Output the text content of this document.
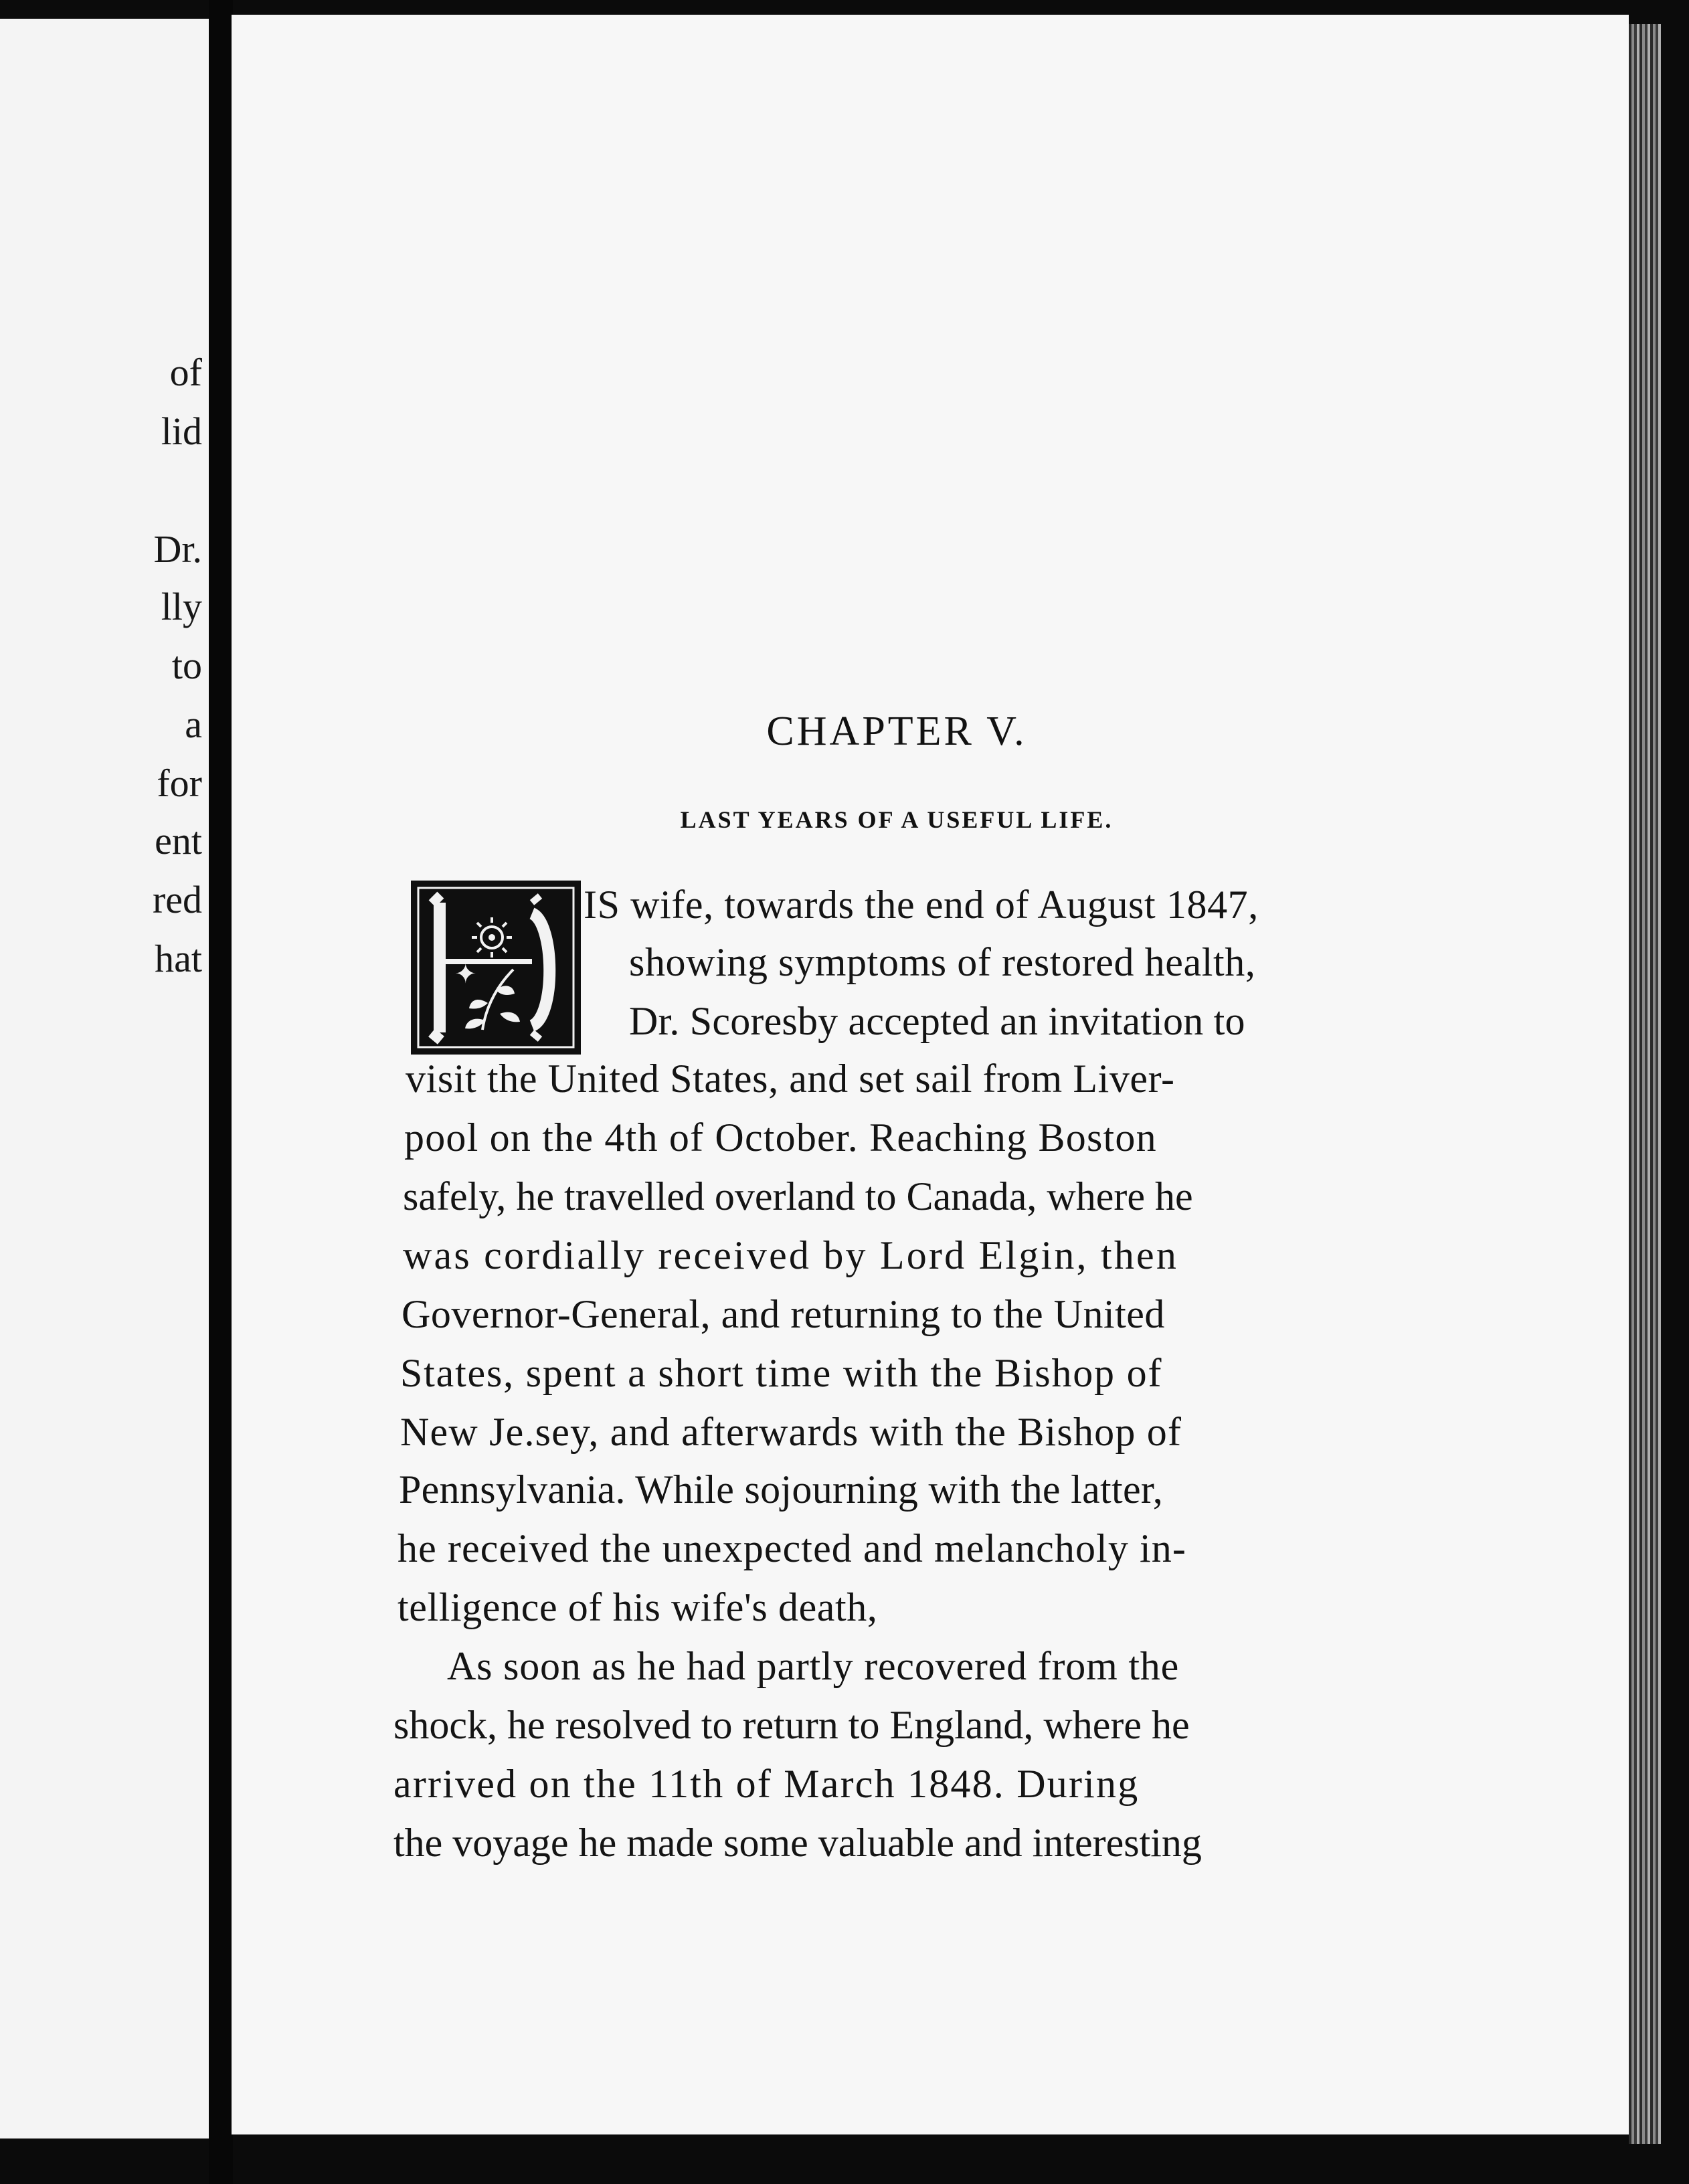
of
lid
Dr.
lly
to
a
for
ent
red
hat
CHAPTER V.
LAST YEARS OF A USEFUL LIFE.
✦
IS wife, towards the end of August 1847,
showing symptoms of restored health,
Dr. Scoresby accepted an invitation to
visit the United States, and set sail from Liver-
pool on the 4th of October. Reaching Boston
safely, he travelled overland to Canada, where he
was cordially received by Lord Elgin, then
Governor-General, and returning to the United
States, spent a short time with the Bishop of
New Je.sey, and afterwards with the Bishop of
Pennsylvania. While sojourning with the latter,
he received the unexpected and melancholy in-
telligence of his wife's death,
As soon as he had partly recovered from the
shock, he resolved to return to England, where he
arrived on the 11th of March 1848. During
the voyage he made some valuable and interesting
